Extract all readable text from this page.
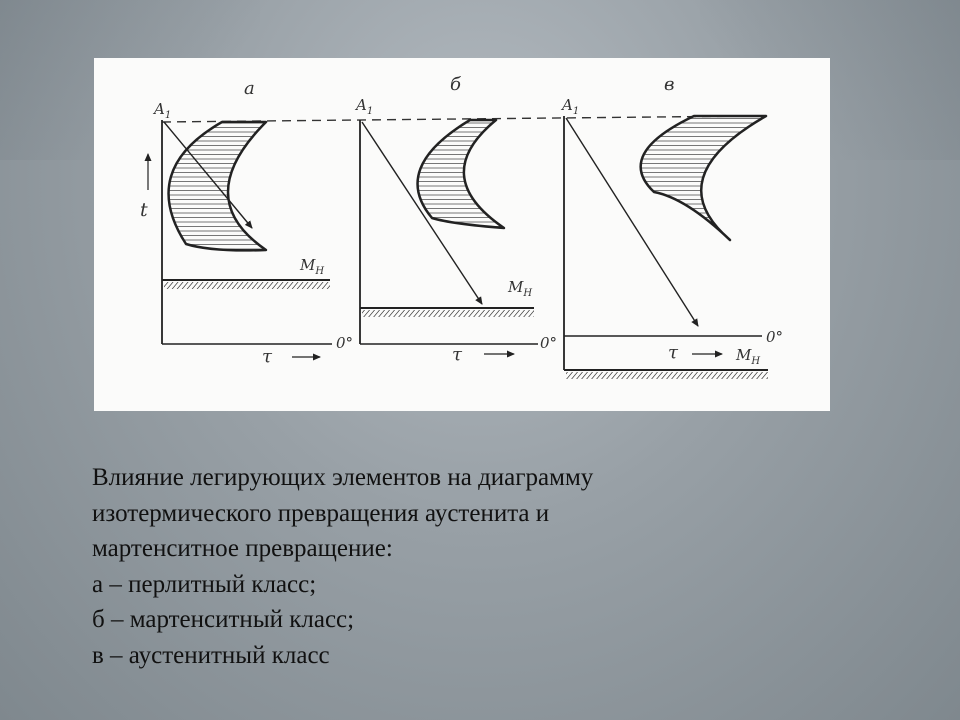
а
$A_1$
t
$M_Н$
τ
0°
б
$A_1$
$M_Н$
τ
0°
в
$A_1$
τ	$M_Н$
0°
Влияние легирующих элементов на диаграмму
изотермического превращения аустенита и
мартенситное превращение:
а – перлитный класс;
б – мартенситный класс;
в – аустенитный класс
